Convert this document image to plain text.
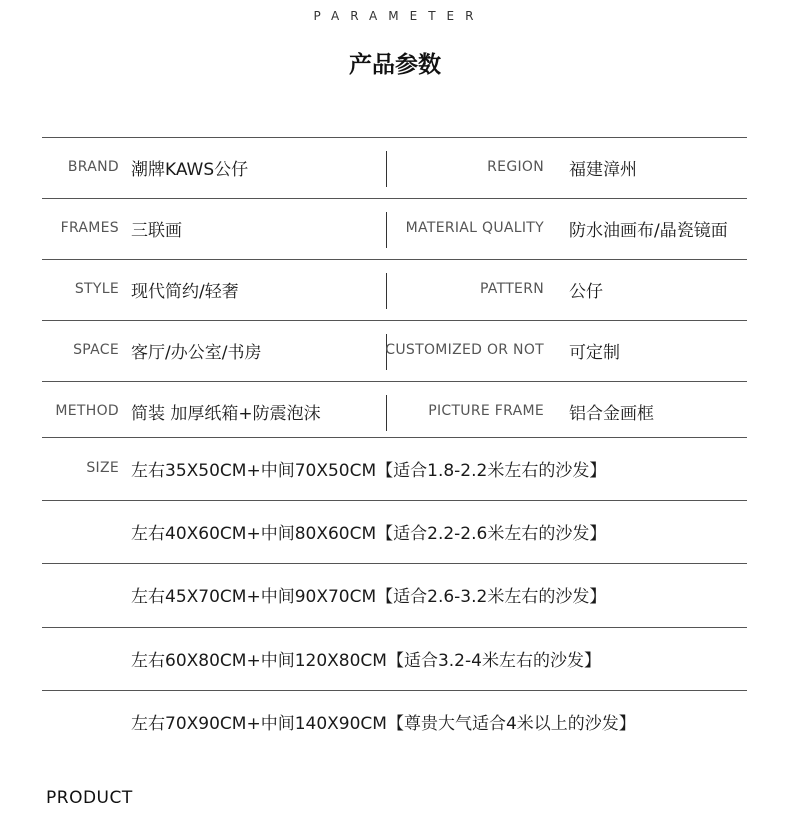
PARAMETER
产品参数
BRAND 潮牌KAWS公仔	REGION 福建漳州
FRAMES 三联画	MATERIAL QUALITY 防水油画布/晶瓷镜面
STYLE 现代简约/轻奢	PATTERN 公仔
SPACE 客厅/办公室/书房	CUSTOMIZED OR NOT 可定制
METHOD 简装 加厚纸箱+防震泡沫	PICTURE FRAME 铝合金画框
SIZE 左右35X50CM+中间70X50CM【适合1.8-2.2米左右的沙发】
左右40X60CM+中间80X60CM【适合2.2-2.6米左右的沙发】
左右45X70CM+中间90X70CM【适合2.6-3.2米左右的沙发】
左右60X80CM+中间120X80CM【适合3.2-4米左右的沙发】
左右70X90CM+中间140X90CM【尊贵大气适合4米以上的沙发】
PRODUCT
